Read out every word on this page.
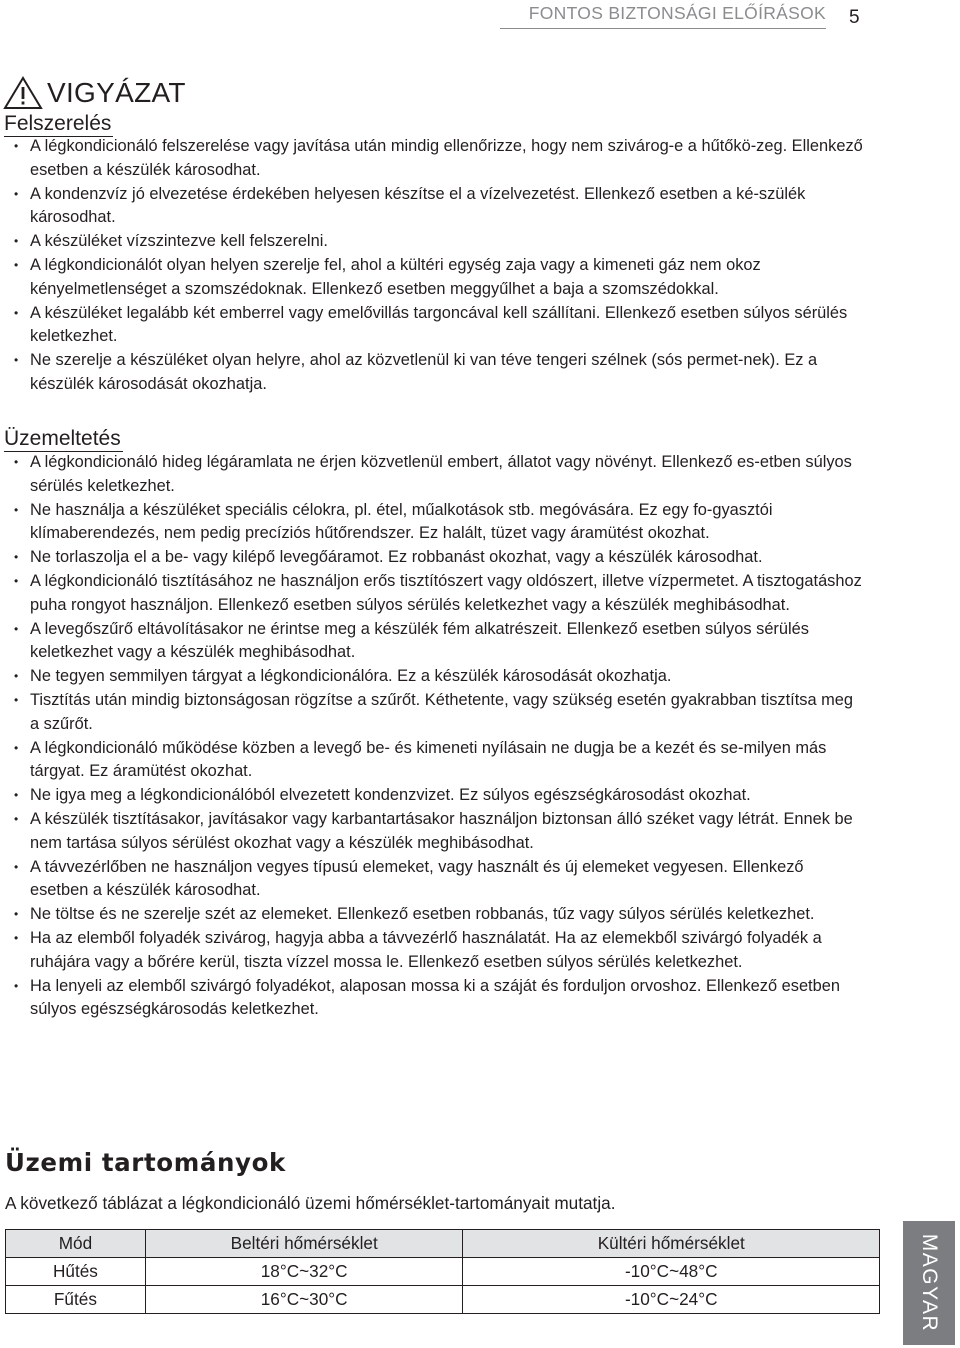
FONTOS BIZTONSÁGI ELŐÍRÁSOK 5
VIGYÁZAT
Felszerelés
• A légkondicionáló felszerelése vagy javítása után mindig ellenőrizze, hogy nem szivárog-e a hűtőkö-zeg. Ellenkező esetben a készülék károsodhat.
• A kondenzvíz jó elvezetése érdekében helyesen készítse el a vízelvezetést. Ellenkező esetben a ké-szülék károsodhat.
• A készüléket vízszintezve kell felszerelni.
• A légkondicionálót olyan helyen szerelje fel, ahol a kültéri egység zaja vagy a kimeneti gáz nem okoz kényelmetlenséget a szomszédoknak. Ellenkező esetben meggyűlhet a baja a szomszédokkal.
• A készüléket legalább két emberrel vagy emelővillás targoncával kell szállítani. Ellenkező esetben súlyos sérülés keletkezhet.
• Ne szerelje a készüléket olyan helyre, ahol az közvetlenül ki van téve tengeri szélnek (sós permet-nek). Ez a készülék károsodását okozhatja.
Üzemeltetés
• A légkondicionáló hideg légáramlata ne érjen közvetlenül embert, állatot vagy növényt. Ellenkező es-etben súlyos sérülés keletkezhet.
• Ne használja a készüléket speciális célokra, pl. étel, műalkotások stb. megóvására. Ez egy fo-gyasztói klímaberendezés, nem pedig precíziós hűtőrendszer. Ez halált, tüzet vagy áramütést okozhat.
• Ne torlaszolja el a be- vagy kilépő levegőáramot. Ez robbanást okozhat, vagy a készülék károsodhat.
• A légkondicionáló tisztításához ne használjon erős tisztítószert vagy oldószert, illetve vízpermetet. A tisztogatáshoz puha rongyot használjon. Ellenkező esetben súlyos sérülés keletkezhet vagy a készülék meghibásodhat.
• A levegőszűrő eltávolításakor ne érintse meg a készülék fém alkatrészeit. Ellenkező esetben súlyos sérülés keletkezhet vagy a készülék meghibásodhat.
• Ne tegyen semmilyen tárgyat a légkondicionálóra. Ez a készülék károsodását okozhatja.
• Tisztítás után mindig biztonságosan rögzítse a szűrőt. Kéthetente, vagy szükség esetén gyakrabban tisztítsa meg a szűrőt.
• A légkondicionáló működése közben a levegő be- és kimeneti nyílásain ne dugja be a kezét és se-milyen más tárgyat. Ez áramütést okozhat.
• Ne igya meg a légkondicionálóból elvezetett kondenzvizet. Ez súlyos egészségkárosodást okozhat.
• A készülék tisztításakor, javításakor vagy karbantartásakor használjon biztonsan álló széket vagy létrát. Ennek be nem tartása súlyos sérülést okozhat vagy a készülék meghibásodhat.
• A távvezérlőben ne használjon vegyes típusú elemeket, vagy használt és új elemeket vegyesen. Ellenkező esetben a készülék károsodhat.
• Ne töltse és ne szerelje szét az elemeket. Ellenkező esetben robbanás, tűz vagy súlyos sérülés keletkezhet.
• Ha az elemből folyadék szivárog, hagyja abba a távvezérlő használatát. Ha az elemekből szivárgó folyadék a ruhájára vagy a bőrére kerül, tiszta vízzel mossa le. Ellenkező esetben súlyos sérülés keletkezhet.
• Ha lenyeli az elemből szivárgó folyadékot, alaposan mossa ki a száját és forduljon orvoshoz. Ellenkező esetben súlyos egészségkárosodás keletkezhet.
Üzemi tartományok
A következő táblázat a légkondicionáló üzemi hőmérséklet-tartományait mutatja.
Mód	Beltéri hőmérséklet	Kültéri hőmérséklet
Hűtés	18°C~32°C	-10°C~48°C
Fűtés	16°C~30°C	-10°C~24°C	MAGYAR
